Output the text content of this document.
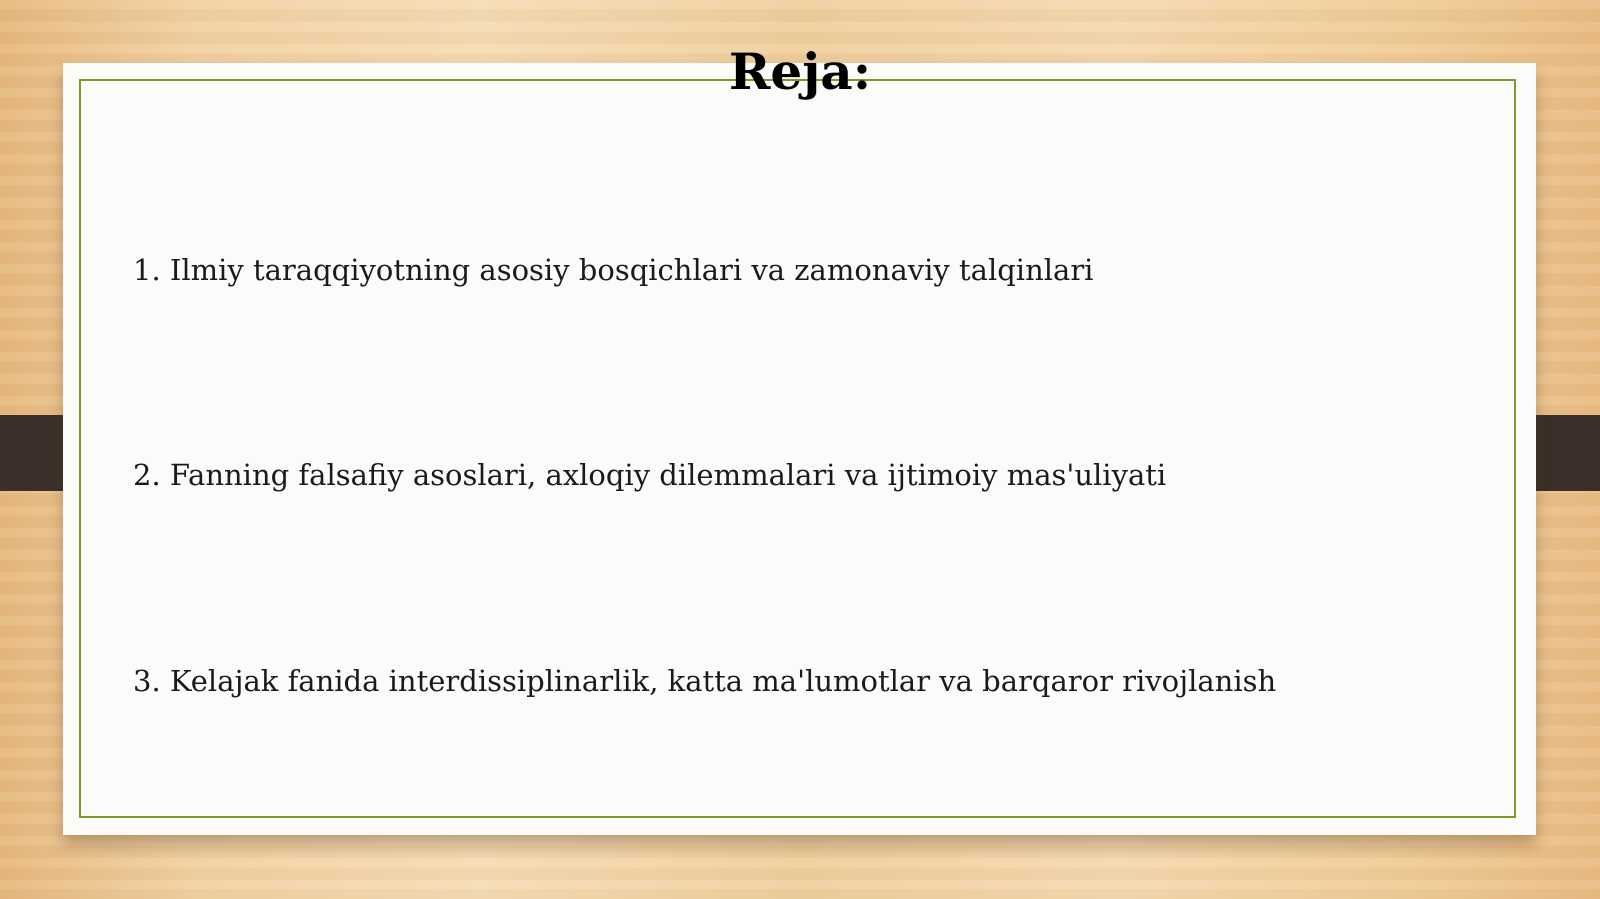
Reja:
1. Ilmiy taraqqiyotning asosiy bosqichlari va zamonaviy talqinlari
2. Fanning falsafiy asoslari, axloqiy dilemmalari va ijtimoiy mas'uliyati
3. Kelajak fanida interdissiplinarlik, katta ma'lumotlar va barqaror rivojlanish
